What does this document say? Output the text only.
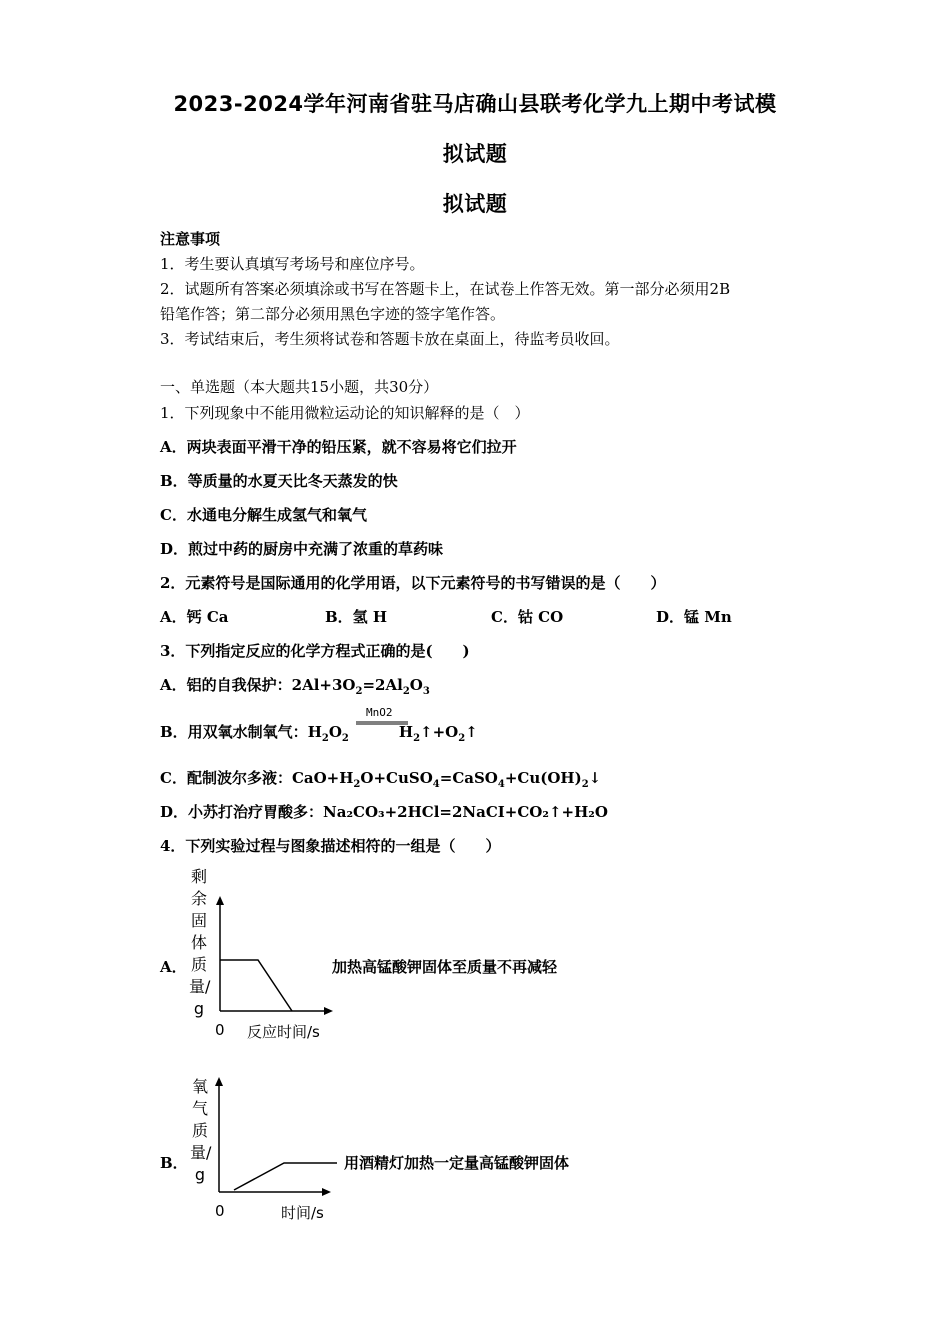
2023-2024学年河南省驻马店确山县联考化学九上期中考试模
拟试题
拟试题
注意事项
1．考生要认真填写考场号和座位序号。
2．试题所有答案必须填涂或书写在答题卡上，在试卷上作答无效。第一部分必须用2B
铅笔作答；第二部分必须用黑色字迹的签字笔作答。
3．考试结束后，考生须将试卷和答题卡放在桌面上，待监考员收回。
一、单选题（本大题共15小题，共30分）
1．下列现象中不能用微粒运动论的知识解释的是（　）
A．两块表面平滑干净的铅压紧，就不容易将它们拉开
B．等质量的水夏天比冬天蒸发的快
C．水通电分解生成氢气和氧气
D．煎过中药的厨房中充满了浓重的草药味
2．元素符号是国际通用的化学用语，以下元素符号的书写错误的是（　　）
A．钙 Ca	B．氢 H	C．钴 CO	D．锰 Mn
3．下列指定反应的化学方程式正确的是(　　)
A．铝的自我保护：$2Al+3O_2=2Al_2O_3$
B．用双氧水制氧气：$H_2O_2$	$H_2↑+O_2↑$
MnO2
C．配制波尔多液：$CaO+H_2O+CuSO_4=CaSO_4+Cu(OH)_2↓$
D．小苏打治疗胃酸多：Na₂CO₃+2HCl=2NaCI+CO₂↑+H₂O
4．下列实验过程与图象描述相符的一组是（　　）
A．
剩余固体质量/g
0 反应时间/s
加热高锰酸钾固体至质量不再减轻
B．
氧气质量/g
0	时间/s
用酒精灯加热一定量高锰酸钾固体
